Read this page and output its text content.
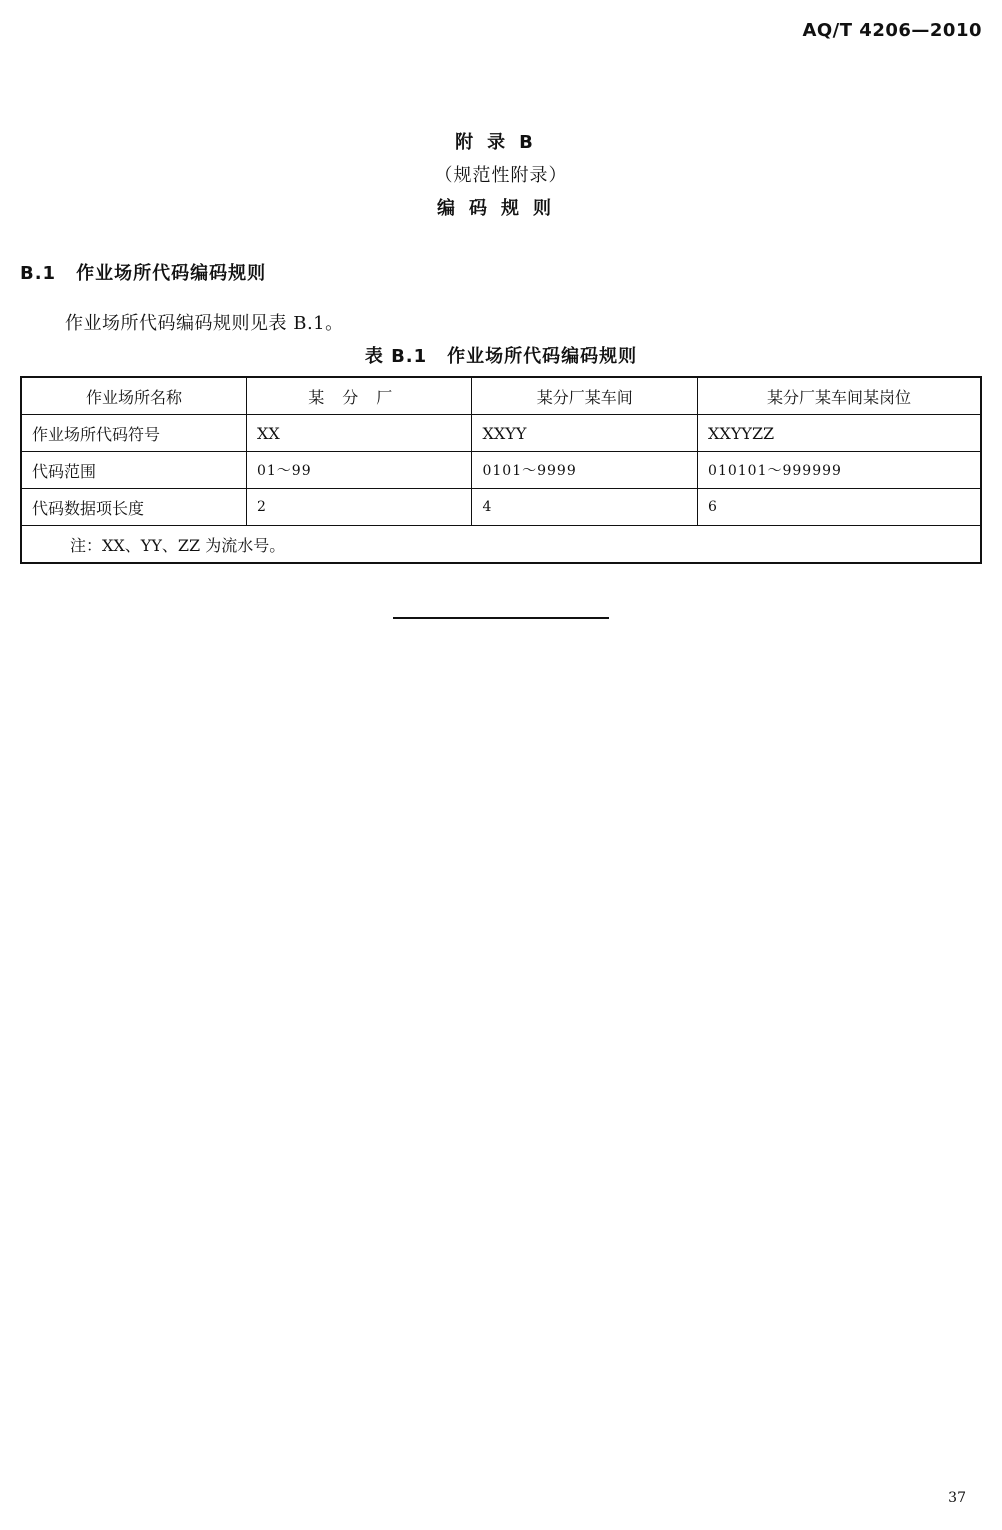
AQ/T 4206—2010
附录B
（规范性附录）
编码规则
B.1 作业场所代码编码规则
作业场所代码编码规则见表 B.1。
表 B.1 作业场所代码编码规则
作业场所名称	某分厂	某分厂某车间	某分厂某车间某岗位
作业场所代码符号	XX	XXYY	XXYYZZ
代码范围	01～99	0101～9999	010101～999999
代码数据项长度	2	4	6
注：XX、YY、ZZ 为流水号。			
37
